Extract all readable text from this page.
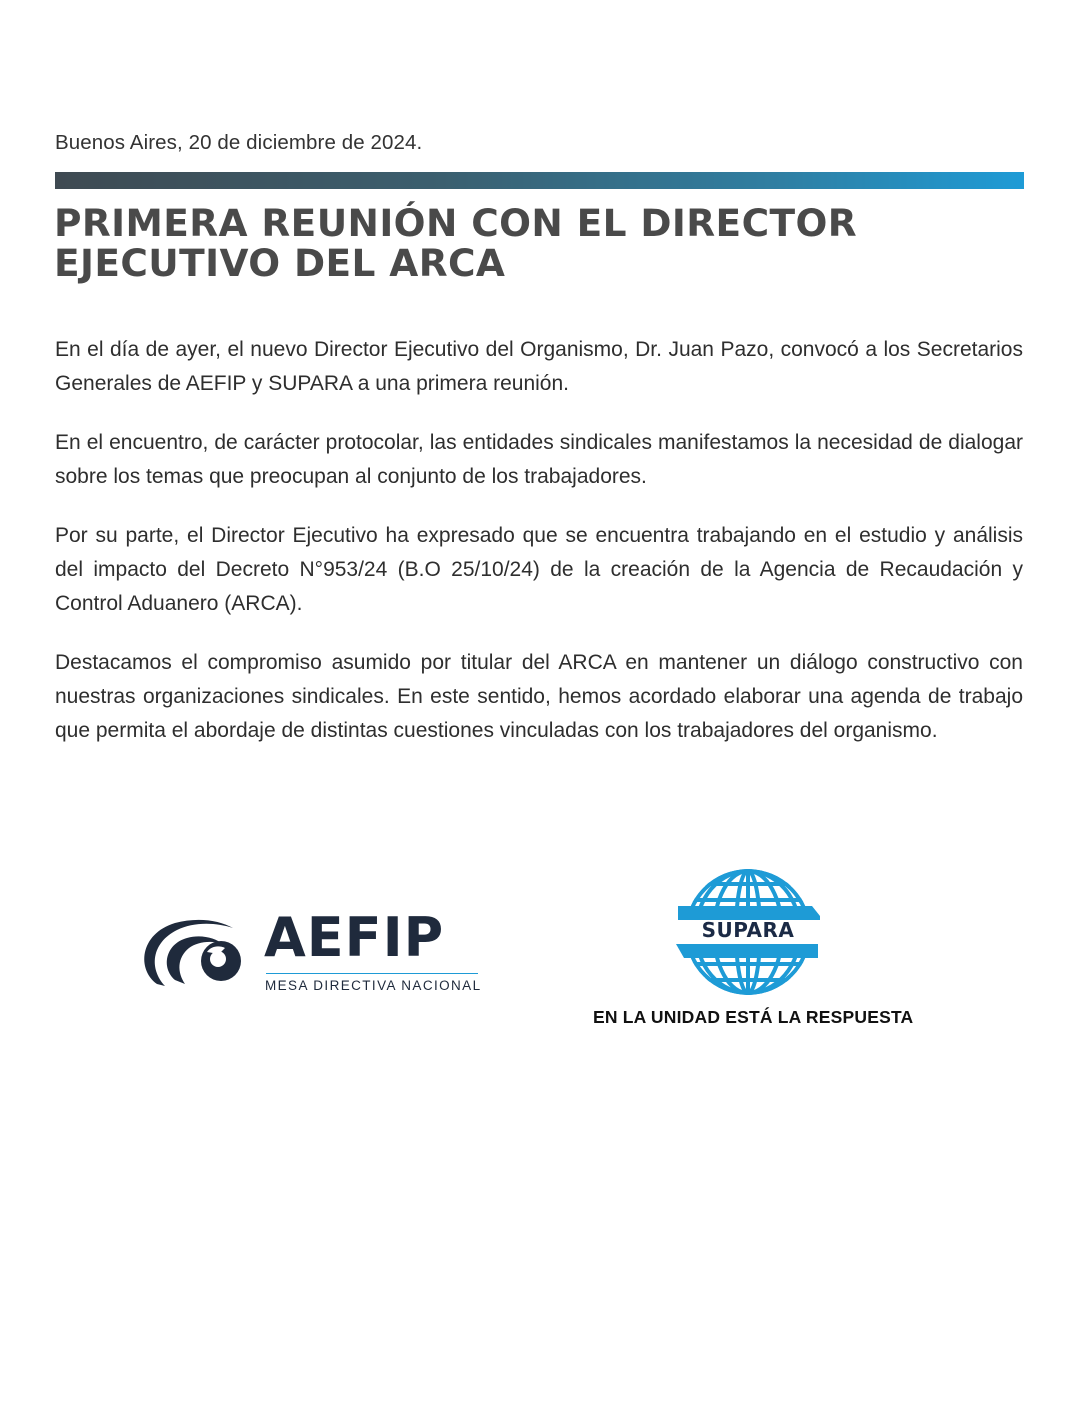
Buenos Aires, 20 de diciembre de 2024.
PRIMERA REUNIÓN CON EL DIRECTOR EJECUTIVO DEL ARCA

En el día de ayer, el nuevo Director Ejecutivo del Organismo, Dr. Juan Pazo, convocó a los Secretarios Generales de AEFIP y SUPARA a una primera reunión.

En el encuentro, de carácter protocolar, las entidades sindicales manifestamos la necesidad de dialogar sobre los temas que preocupan al conjunto de los trabajadores.

Por su parte, el Director Ejecutivo ha expresado que se encuentra trabajando en el estudio y análisis del impacto del Decreto N°953/24 (B.O 25/10/24) de la creación de la Agencia de Recaudación y Control Aduanero (ARCA).

Destacamos el compromiso asumido por titular del ARCA en mantener un diálogo constructivo con nuestras organizaciones sindicales. En este sentido, hemos acordado elaborar una agenda de trabajo que permita el abordaje de distintas cuestiones vinculadas con los trabajadores del organismo.

AEFIP
MESA DIRECTIVA NACIONAL
SUPARA
EN LA UNIDAD ESTÁ LA RESPUESTA
